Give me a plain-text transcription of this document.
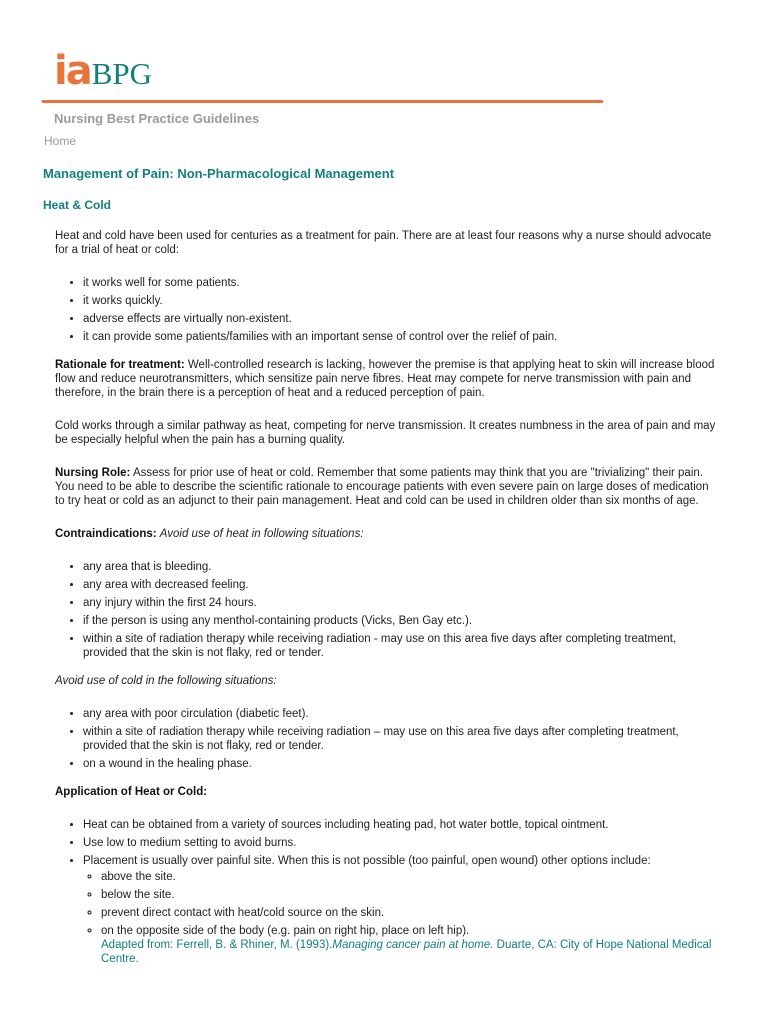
ia BPG
Nursing Best Practice Guidelines
Home
Management of Pain: Non-Pharmacological Management
Heat & Cold

Heat and cold have been used for centuries as a treatment for pain. There are at least four reasons why a nurse should advocate for a trial of heat or cold:

• it works well for some patients.
• it works quickly.
• adverse effects are virtually non-existent.
• it can provide some patients/families with an important sense of control over the relief of pain.

Rationale for treatment: Well-controlled research is lacking, however the premise is that applying heat to skin will increase blood flow and reduce neurotransmitters, which sensitize pain nerve fibres. Heat may compete for nerve transmission with pain and therefore, in the brain there is a perception of heat and a reduced perception of pain.

Cold works through a similar pathway as heat, competing for nerve transmission. It creates numbness in the area of pain and may be especially helpful when the pain has a burning quality.

Nursing Role: Assess for prior use of heat or cold. Remember that some patients may think that you are "trivializing" their pain. You need to be able to describe the scientific rationale to encourage patients with even severe pain on large doses of medication to try heat or cold as an adjunct to their pain management. Heat and cold can be used in children older than six months of age.

Contraindications: Avoid use of heat in following situations:

• any area that is bleeding.
• any area with decreased feeling.
• any injury within the first 24 hours.
• if the person is using any menthol-containing products (Vicks, Ben Gay etc.).
• within a site of radiation therapy while receiving radiation - may use on this area five days after completing treatment, provided that the skin is not flaky, red or tender.

Avoid use of cold in the following situations:

• any area with poor circulation (diabetic feet).
• within a site of radiation therapy while receiving radiation – may use on this area five days after completing treatment, provided that the skin is not flaky, red or tender.
• on a wound in the healing phase.

Application of Heat or Cold:

• Heat can be obtained from a variety of sources including heating pad, hot water bottle, topical ointment.
• Use low to medium setting to avoid burns.
• Placement is usually over painful site. When this is not possible (too painful, open wound) other options include:
◦ above the site.
◦ below the site.
◦ prevent direct contact with heat/cold source on the skin.
◦ on the opposite side of the body (e.g. pain on right hip, place on left hip).
Adapted from: Ferrell, B. & Rhiner, M. (1993).Managing cancer pain at home. Duarte, CA: City of Hope National Medical Centre.
